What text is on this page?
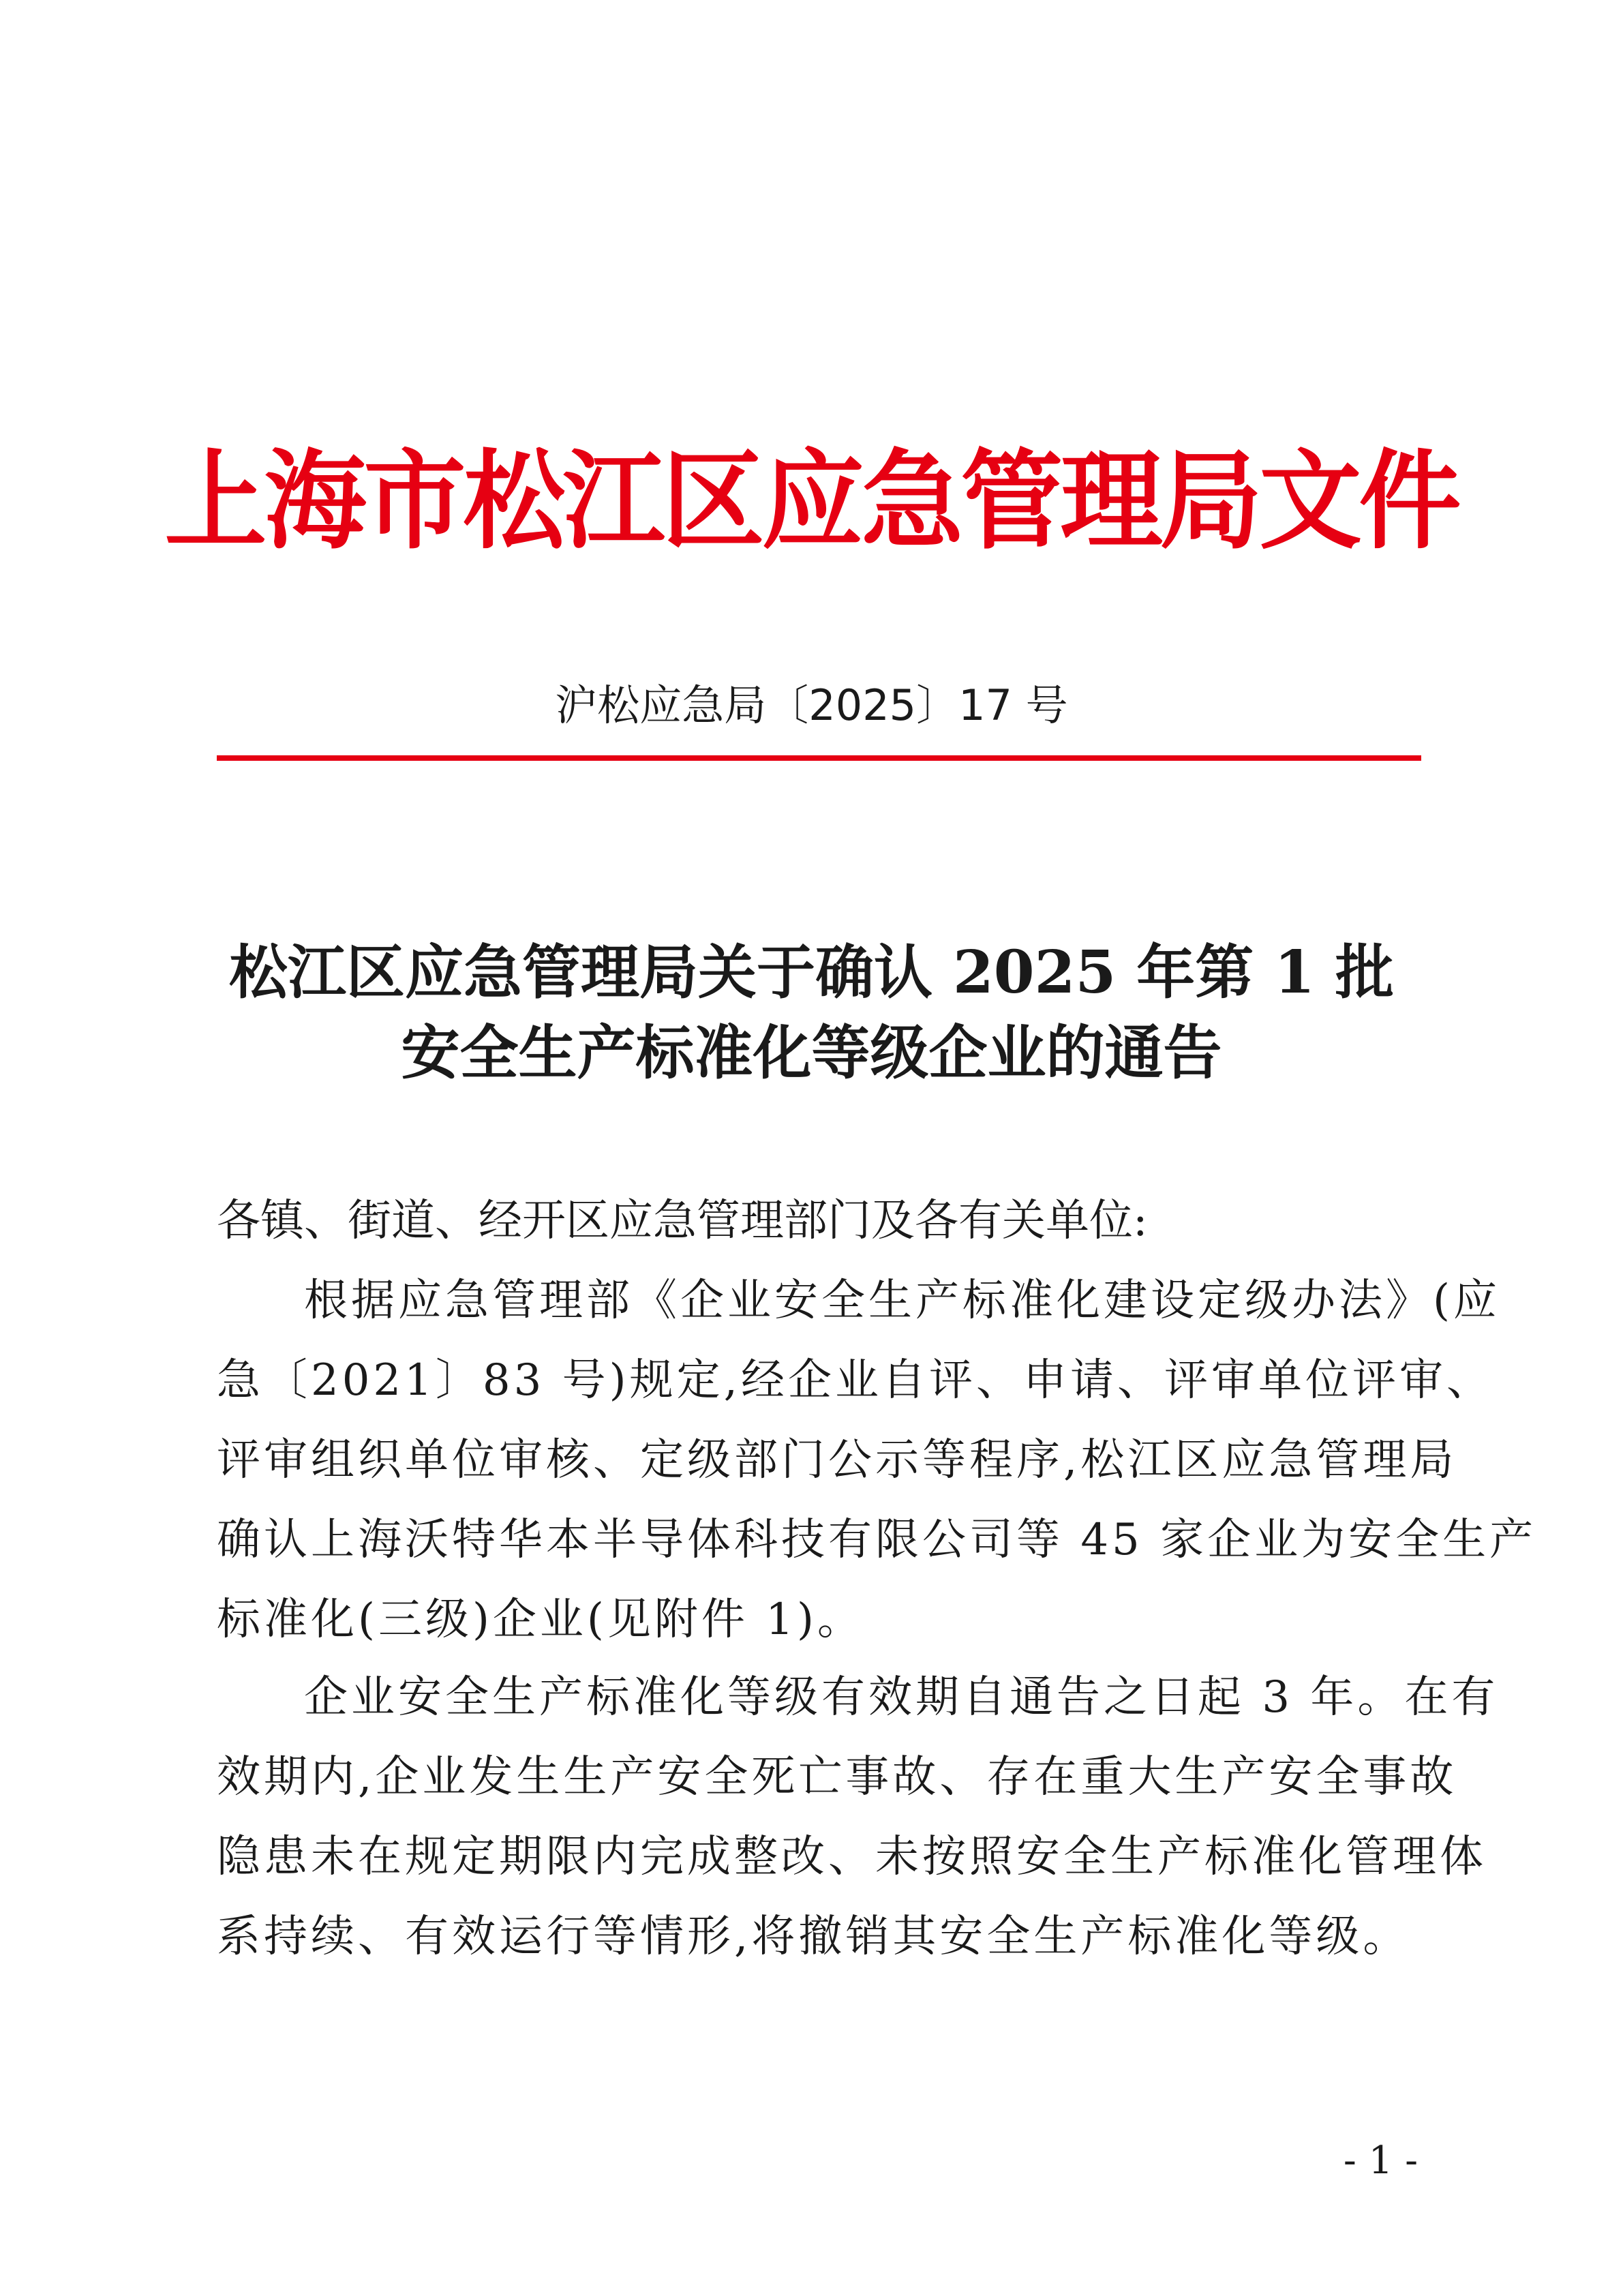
上海市松江区应急管理局文件
沪松应急局〔2025〕17 号
松江区应急管理局关于确认 2025 年第 1 批
安全生产标准化等级企业的通告
各镇、街道、经开区应急管理部门及各有关单位:
根据应急管理部《企业安全生产标准化建设定级办法》(应
急〔2021〕83 号)规定,经企业自评、申请、评审单位评审、
评审组织单位审核、定级部门公示等程序,松江区应急管理局
确认上海沃特华本半导体科技有限公司等 45 家企业为安全生产
标准化(三级)企业(见附件 1)。
企业安全生产标准化等级有效期自通告之日起 3 年。在有
效期内,企业发生生产安全死亡事故、存在重大生产安全事故
隐患未在规定期限内完成整改、未按照安全生产标准化管理体
系持续、有效运行等情形,将撤销其安全生产标准化等级。
- 1 -
